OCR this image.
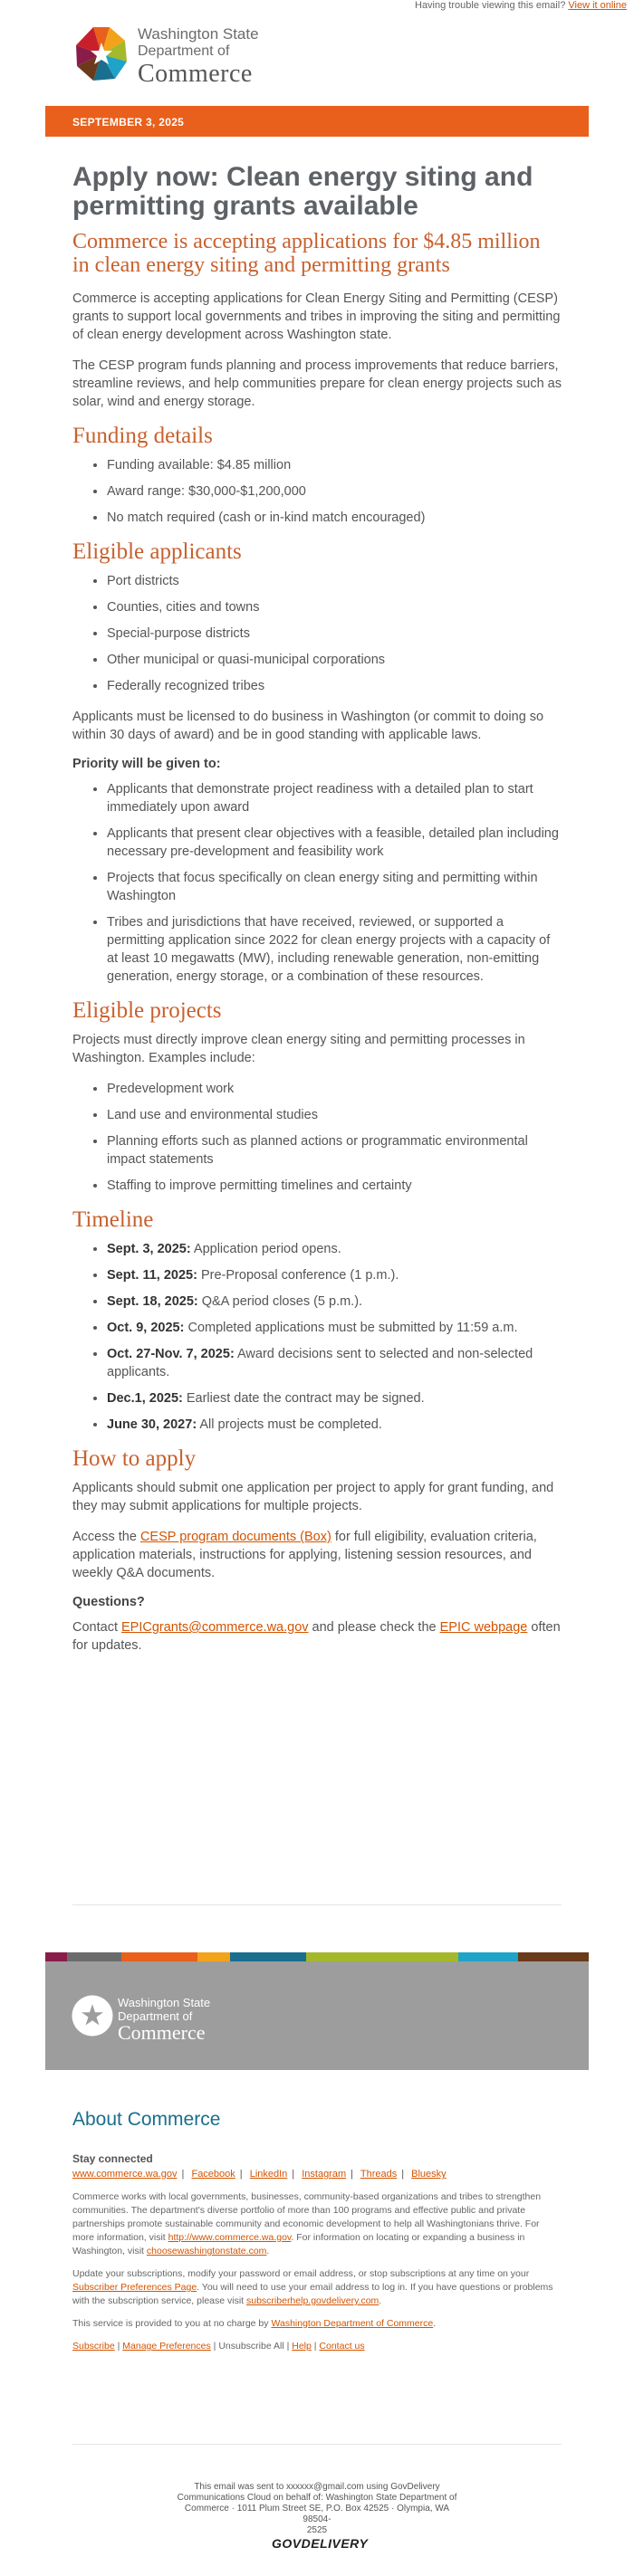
Having trouble viewing this email? View it online
Washington State
Department of
Commerce
SEPTEMBER 3, 2025
Apply now: Clean energy siting and permitting grants available
Commerce is accepting applications for $4.85 million in clean energy siting and permitting grants

Commerce is accepting applications for Clean Energy Siting and Permitting (CESP) grants to support local governments and tribes in improving the siting and permitting of clean energy development across Washington state.

The CESP program funds planning and process improvements that reduce barriers, streamline reviews, and help communities prepare for clean energy projects such as solar, wind and energy storage.

Funding details
• Funding available: $4.85 million
• Award range: $30,000-$1,200,000
• No match required (cash or in-kind match encouraged)
Eligible applicants
• Port districts
• Counties, cities and towns
• Special-purpose districts
• Other municipal or quasi-municipal corporations
• Federally recognized tribes

Applicants must be licensed to do business in Washington (or commit to doing so within 30 days of award) and be in good standing with applicable laws.

Priority will be given to:
• Applicants that demonstrate project readiness with a detailed plan to start immediately upon award
• Applicants that present clear objectives with a feasible, detailed plan including necessary pre-development and feasibility work
• Projects that focus specifically on clean energy siting and permitting within Washington
• Tribes and jurisdictions that have received, reviewed, or supported a permitting application since 2022 for clean energy projects with a capacity of at least 10 megawatts (MW), including renewable generation, non-emitting generation, energy storage, or a combination of these resources.
Eligible projects

Projects must directly improve clean energy siting and permitting processes in Washington. Examples include:

• Predevelopment work
• Land use and environmental studies
• Planning efforts such as planned actions or programmatic environmental impact statements
• Staffing to improve permitting timelines and certainty
Timeline
• Sept. 3, 2025: Application period opens.
• Sept. 11, 2025: Pre-Proposal conference (1 p.m.).
• Sept. 18, 2025: Q&A period closes (5 p.m.).
• Oct. 9, 2025: Completed applications must be submitted by 11:59 a.m.
• Oct. 27-Nov. 7, 2025: Award decisions sent to selected and non-selected applicants.
• Dec.1, 2025: Earliest date the contract may be signed.
• June 30, 2027: All projects must be completed.
How to apply

Applicants should submit one application per project to apply for grant funding, and they may submit applications for multiple projects.

Access the CESP program documents (Box) for full eligibility, evaluation criteria, application materials, instructions for applying, listening session resources, and weekly Q&A documents.

Questions?

Contact EPICgrants@commerce.wa.gov and please check the EPIC webpage often for updates.

Washington State
Department of
Commerce
About Commerce
Stay connected
www.commerce.wa.gov | Facebook | LinkedIn | Instagram | Threads | Bluesky

Commerce works with local governments, businesses, community-based organizations and tribes to strengthen communities. The department's diverse portfolio of more than 100 programs and effective public and private partnerships promote sustainable community and economic development to help all Washingtonians thrive. For more information, visit http://www.commerce.wa.gov. For information on locating or expanding a business in Washington, visit choosewashingtonstate.com.

Update your subscriptions, modify your password or email address, or stop subscriptions at any time on your Subscriber Preferences Page. You will need to use your email address to log in. If you have questions or problems with the subscription service, please visit subscriberhelp.govdelivery.com.

This service is provided to you at no charge by Washington Department of Commerce.

Subscribe | Manage Preferences | Unsubscribe All | Help | Contact us

This email was sent to xxxxxx@gmail.com using GovDelivery
Communications Cloud on behalf of: Washington State Department of
Commerce · 1011 Plum Street SE, P.O. Box 42525 · Olympia, WA 98504-
2525
GOVDELIVERY
